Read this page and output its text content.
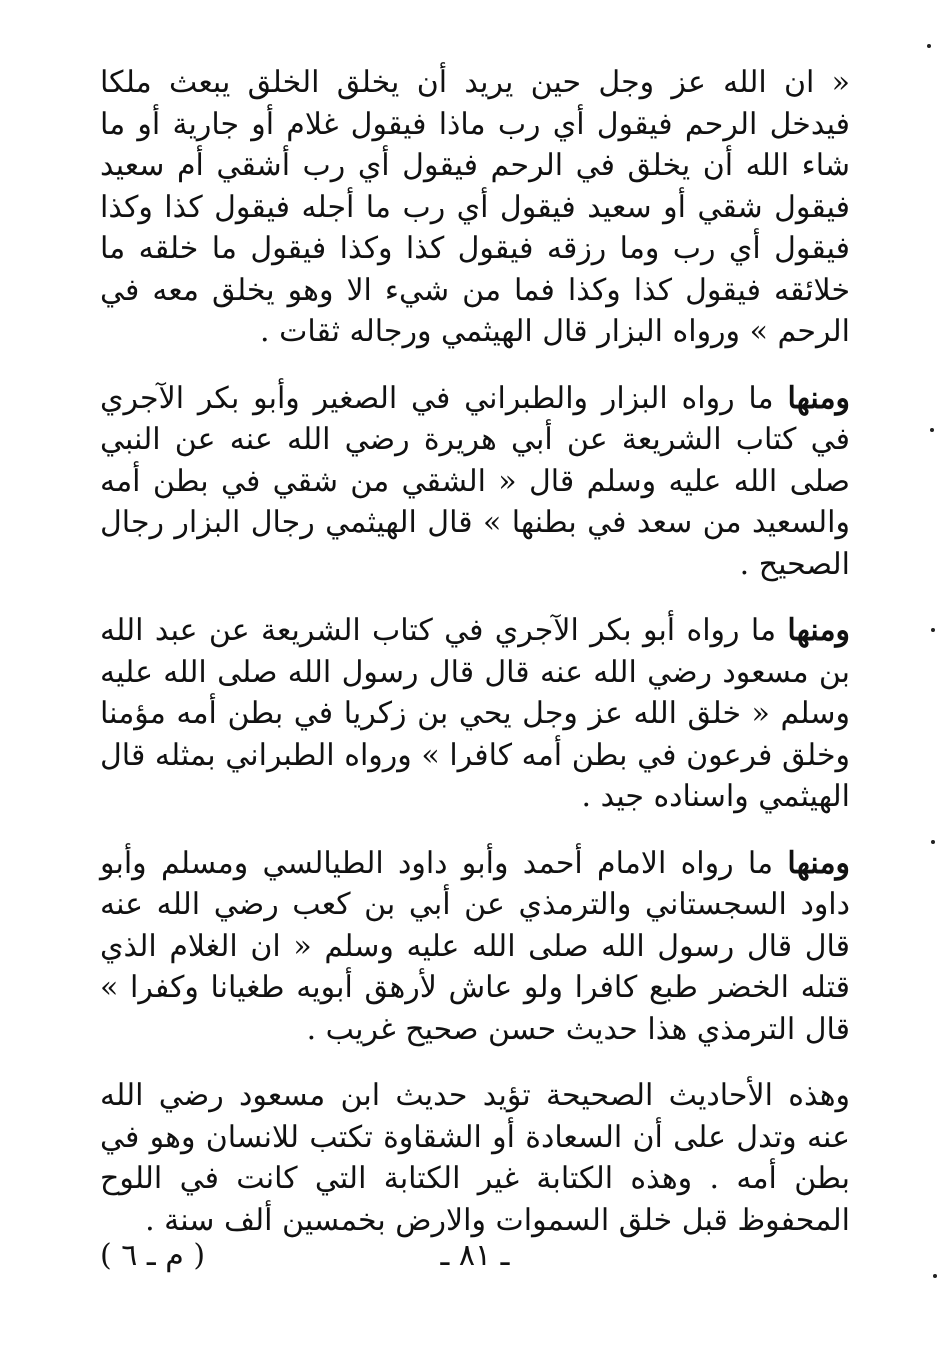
« ان الله عز وجل حين يريد أن يخلق الخلق يبعث ملكا فيدخل الرحم فيقول أي رب ماذا فيقول غلام أو جارية أو ما شاء الله أن يخلق في الرحم فيقول أي رب أشقي أم سعيد فيقول شقي أو سعيد فيقول أي رب ما أجله فيقول كذا وكذا فيقول أي رب وما رزقه فيقول كذا وكذا فيقول ما خلقه ما خلائقه فيقول كذا وكذا فما من شيء الا وهو يخلق معه في الرحم » ورواه البزار قال الهيثمي ورجاله ثقات .

ومنها ما رواه البزار والطبراني في الصغير وأبو بكر الآجري في كتاب الشريعة عن أبي هريرة رضي الله عنه عن النبي صلى الله عليه وسلم قال « الشقي من شقي في بطن أمه والسعيد من سعد في بطنها » قال الهيثمي رجال البزار رجال الصحيح .

ومنها ما رواه أبو بكر الآجري في كتاب الشريعة عن عبد الله بن مسعود رضي الله عنه قال قال رسول الله صلى الله عليه وسلم « خلق الله عز وجل يحي بن زكريا في بطن أمه مؤمنا وخلق فرعون في بطن أمه كافرا » ورواه الطبراني بمثله قال الهيثمي واسناده جيد .

ومنها ما رواه الامام أحمد وأبو داود الطيالسي ومسلم وأبو داود السجستاني والترمذي عن أبي بن كعب رضي الله عنه قال قال رسول الله صلى الله عليه وسلم « ان الغلام الذي قتله الخضر طبع كافرا ولو عاش لأرهق أبويه طغيانا وكفرا » قال الترمذي هذا حديث حسن صحيح غريب .

وهذه الأحاديث الصحيحة تؤيد حديث ابن مسعود رضي الله عنه وتدل على أن السعادة أو الشقاوة تكتب للانسان وهو في بطن أمه . وهذه الكتابة غير الكتابة التي كانت في اللوح المحفوظ قبل خلق السموات والارض بخمسين ألف سنة .

ـ ٨١ ـ
( م ـ ٦ )
